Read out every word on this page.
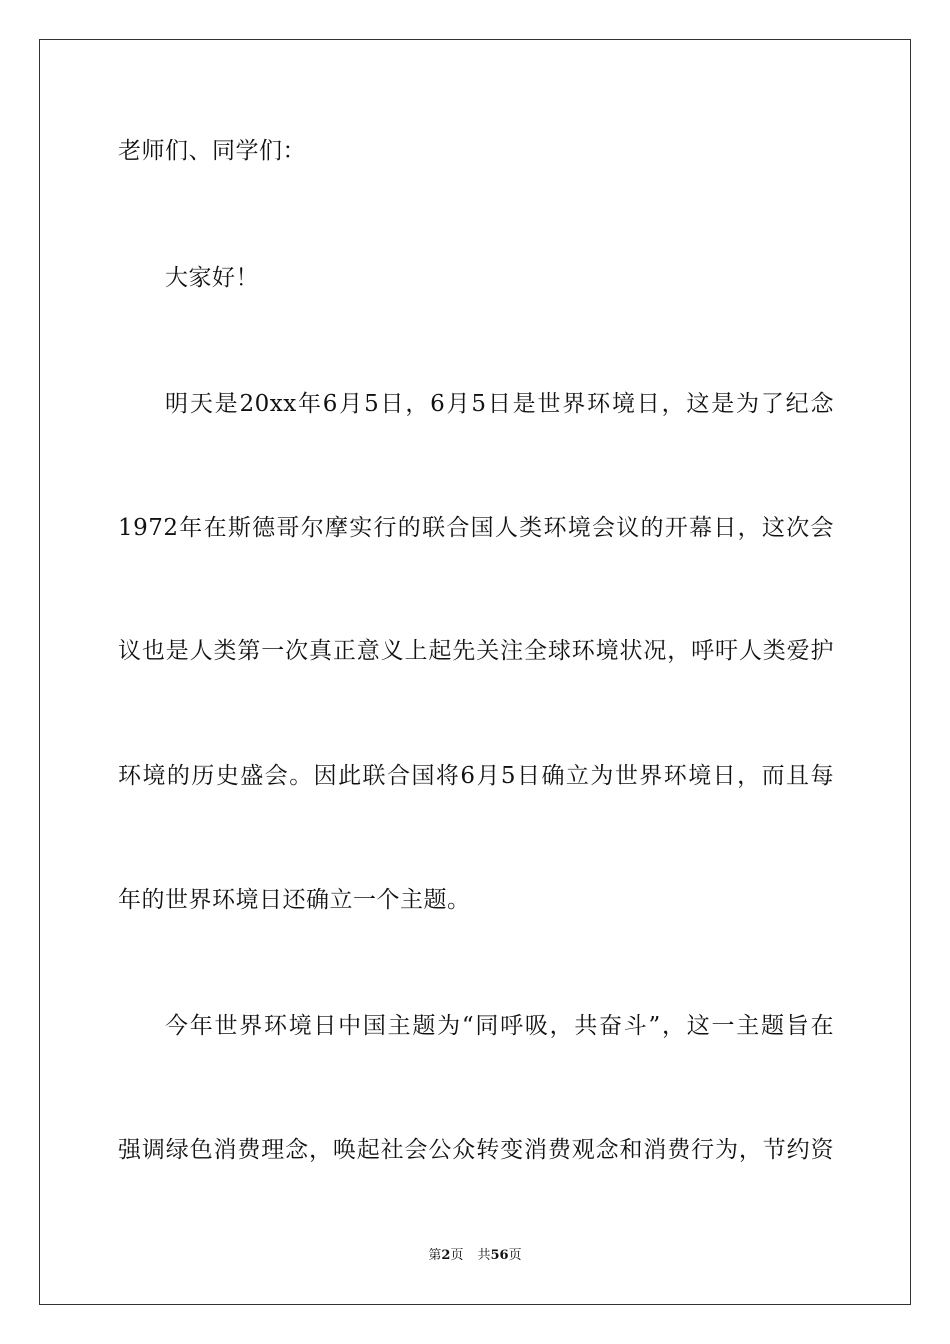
老师们、同学们：
大家好！
明天是20xx年6月5日，6月5日是世界环境日，这是为了纪念
1972年在斯德哥尔摩实行的联合国人类环境会议的开幕日，这次会
议也是人类第一次真正意义上起先关注全球环境状况，呼吁人类爱护
环境的历史盛会。因此联合国将6月5日确立为世界环境日，而且每
年的世界环境日还确立一个主题。
今年世界环境日中国主题为“同呼吸，共奋斗”，这一主题旨在
强调绿色消费理念，唤起社会公众转变消费观念和消费行为，节约资
第2页 共56页
